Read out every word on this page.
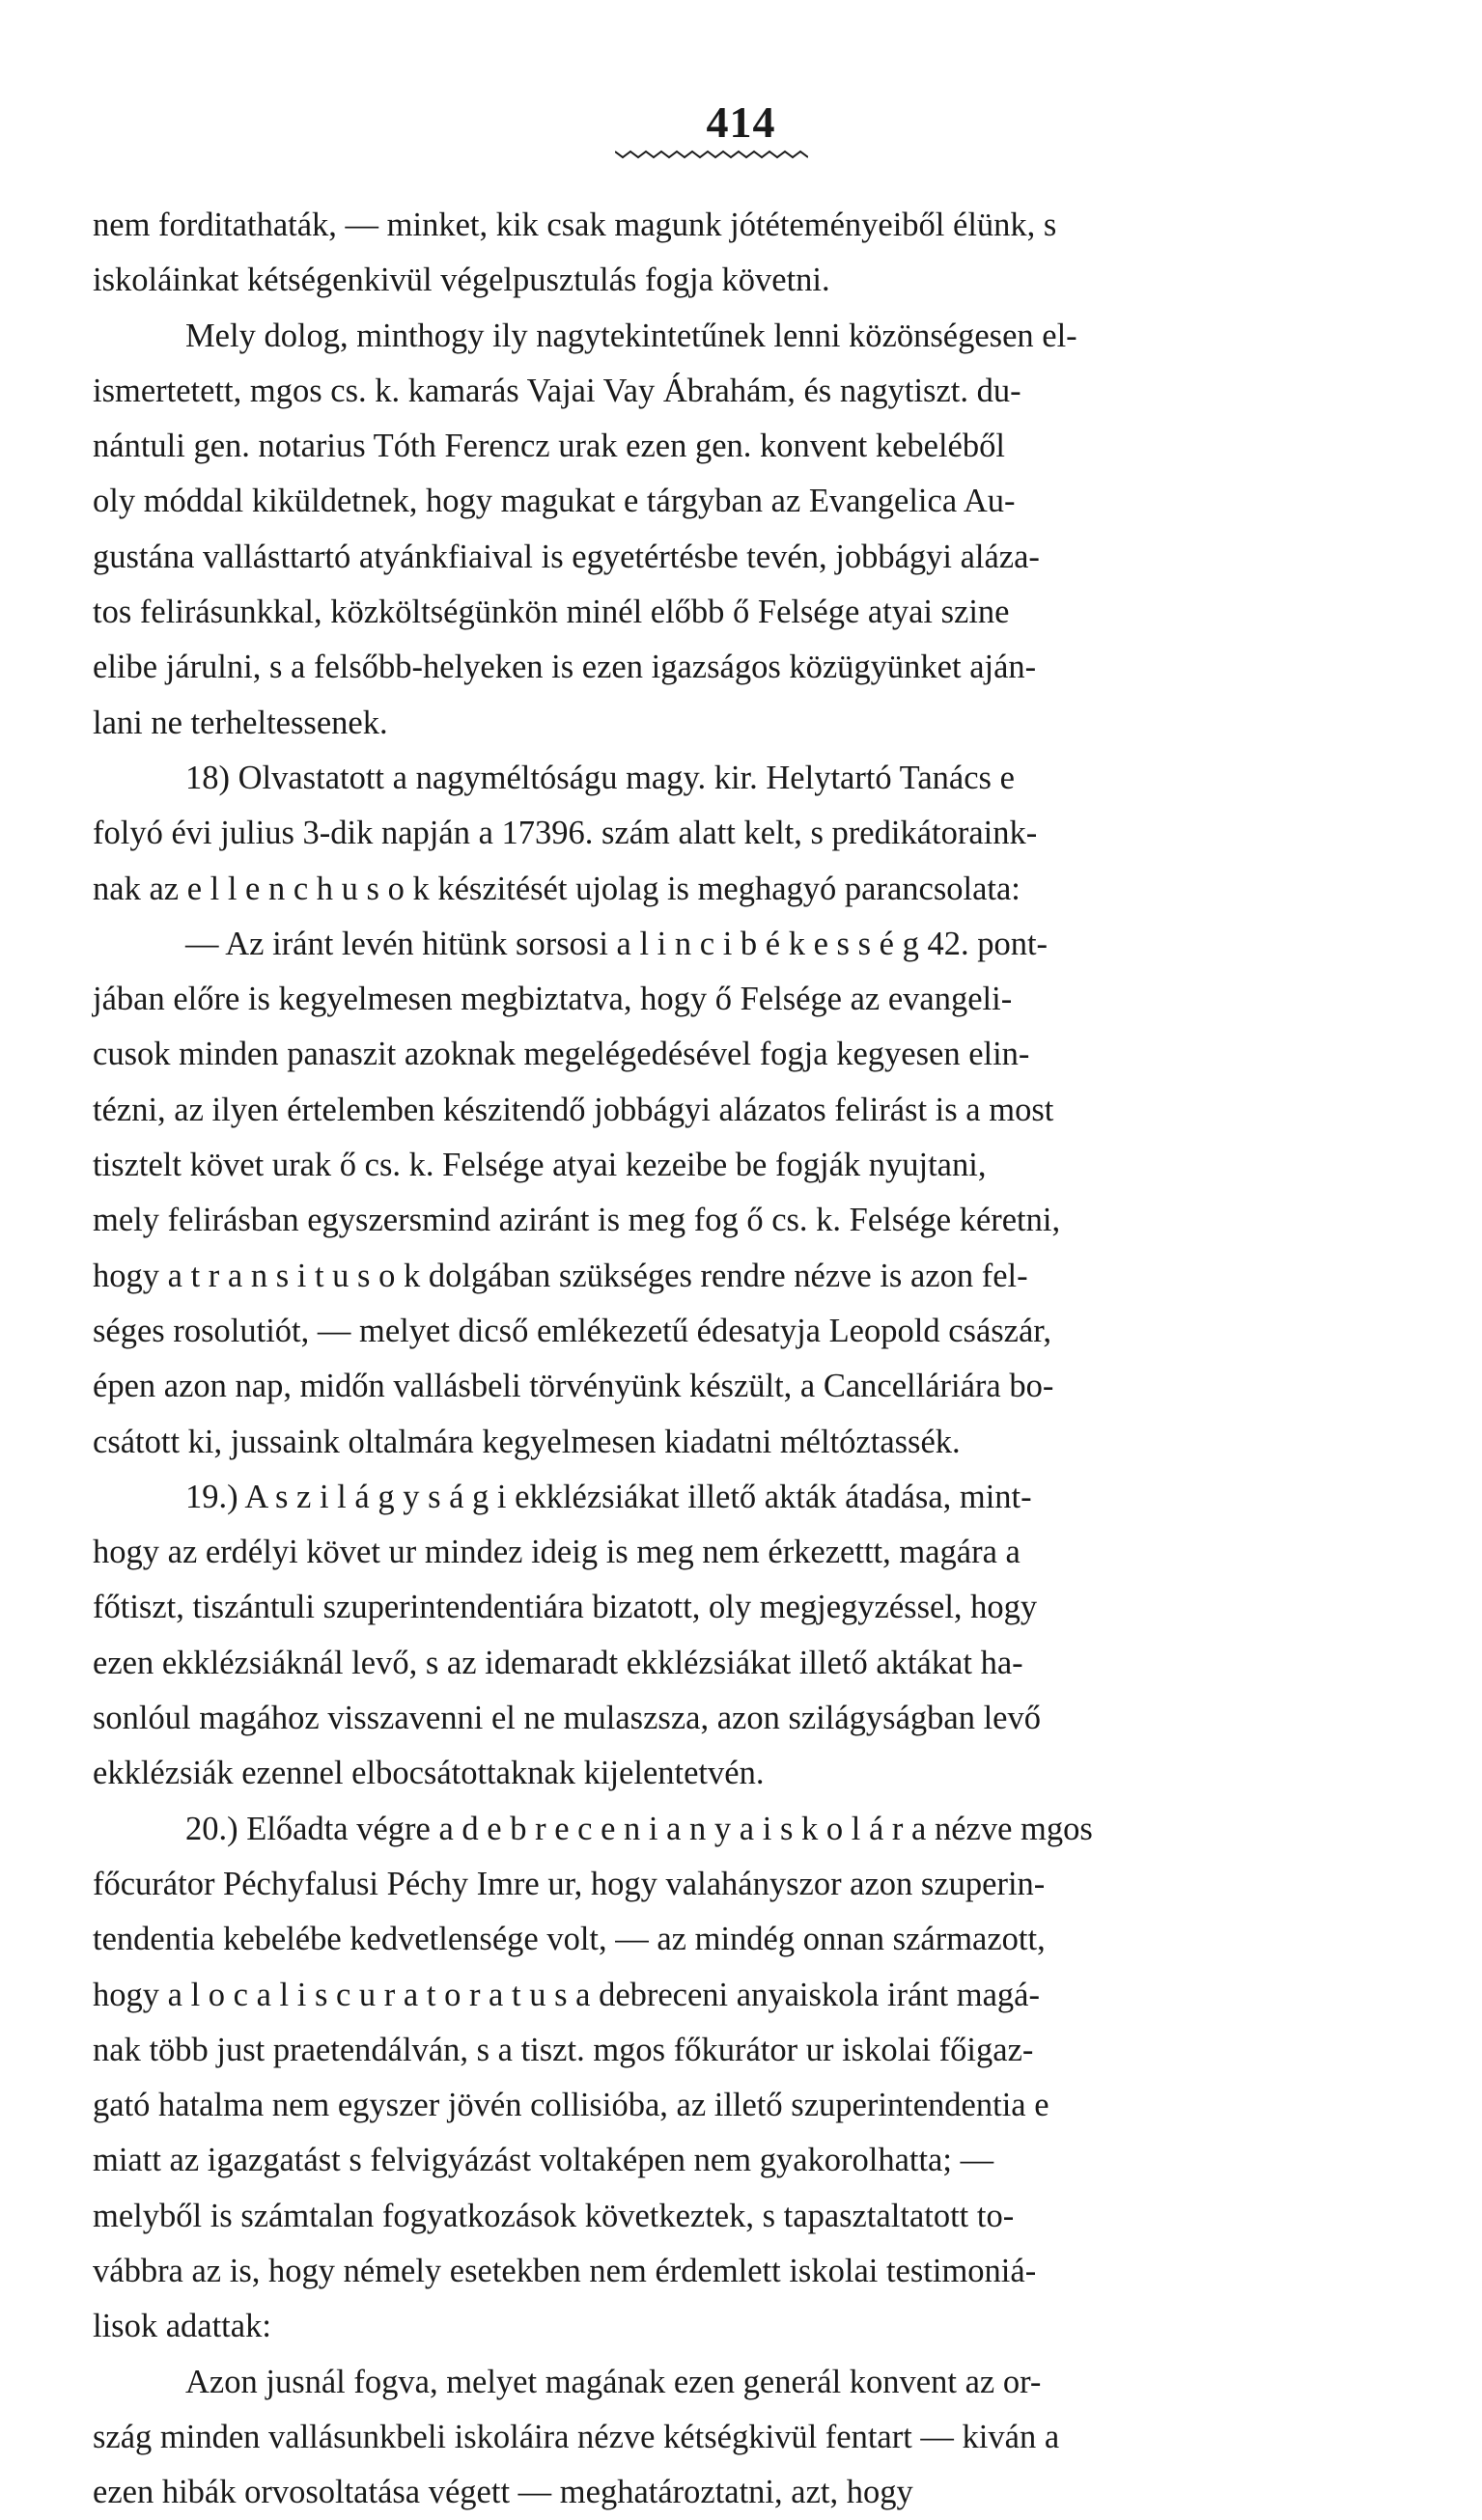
414
nem forditathaták, — minket, kik csak magunk jótéteményeiből élünk, s
iskoláinkat kétségenkivül végelpusztulás fogja követni.
Mely dolog, minthogy ily nagytekintetűnek lenni közönségesen el-
ismertetett, mgos cs. k. kamarás Vajai Vay Ábrahám, és nagytiszt. du-
nántuli gen. notarius Tóth Ferencz urak ezen gen. konvent kebeléből
oly móddal kiküldetnek, hogy magukat e tárgyban az Evangelica Au-
gustána vallásttartó atyánkfiaival is egyetértésbe tevén, jobbágyi aláza-
tos felirásunkkal, közköltségünkön minél előbb ő Felsége atyai szine
elibe járulni, s a felsőbb-helyeken is ezen igazságos közügyünket aján-
lani ne terheltessenek.
18) Olvastatott a nagyméltóságu magy. kir. Helytartó Tanács e
folyó évi julius 3-dik napján a 17396. szám alatt kelt, s predikátoraink-
nak az e l l e n c h u s o k készitését ujolag is meghagyó parancsolata:
— Az iránt levén hitünk sorsosi a l i n c i b é k e s s é g 42. pont-
jában előre is kegyelmesen megbiztatva, hogy ő Felsége az evangeli-
cusok minden panaszit azoknak megelégedésével fogja kegyesen elin-
tézni, az ilyen értelemben készitendő jobbágyi alázatos felirást is a most
tisztelt követ urak ő cs. k. Felsége atyai kezeibe be fogják nyujtani,
mely felirásban egyszersmind aziránt is meg fog ő cs. k. Felsége kéretni,
hogy a t r a n s i t u s o k dolgában szükséges rendre nézve is azon fel-
séges rosolutiót, — melyet dicső emlékezetű édesatyja Leopold császár,
épen azon nap, midőn vallásbeli törvényünk készült, a Cancelláriára bo-
csátott ki, jussaink oltalmára kegyelmesen kiadatni méltóztassék.
19.) A s z i l á g y s á g i ekklézsiákat illető akták átadása, mint-
hogy az erdélyi követ ur mindez ideig is meg nem érkezettt, magára a
főtiszt, tiszántuli szuperintendentiára bizatott, oly megjegyzéssel, hogy
ezen ekklézsiáknál levő, s az idemaradt ekklézsiákat illető aktákat ha-
sonlóul magához visszavenni el ne mulaszsza, azon szilágyságban levő
ekklézsiák ezennel elbocsátottaknak kijelentetvén.
20.) Előadta végre a d e b r e c e n i a n y a i s k o l á r a nézve mgos
főcurátor Péchyfalusi Péchy Imre ur, hogy valahányszor azon szuperin-
tendentia kebelébe kedvetlensége volt, — az mindég onnan származott,
hogy a l o c a l i s c u r a t o r a t u s a debreceni anyaiskola iránt magá-
nak több just praetendálván, s a tiszt. mgos főkurátor ur iskolai főigaz-
gató hatalma nem egyszer jövén collisióba, az illető szuperintendentia e
miatt az igazgatást s felvigyázást voltaképen nem gyakorolhatta; —
melyből is számtalan fogyatkozások következtek, s tapasztaltatott to-
vábbra az is, hogy némely esetekben nem érdemlett iskolai testimoniá-
lisok adattak:
Azon jusnál fogva, melyet magának ezen generál konvent az or-
szág minden vallásunkbeli iskoláira nézve kétségkivül fentart — kiván a
ezen hibák orvosoltatása végett — meghatároztatni, azt, hogy
